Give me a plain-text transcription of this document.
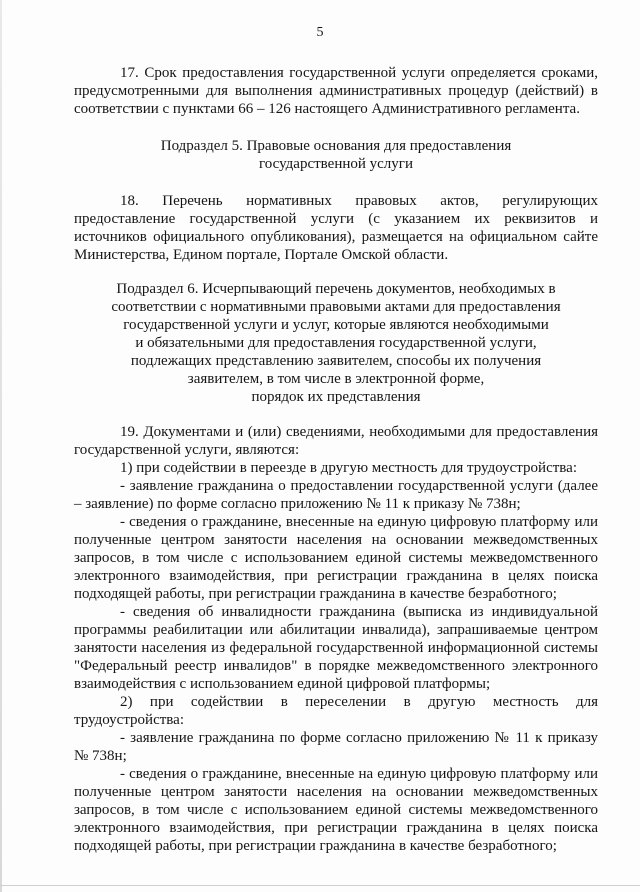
5

17. Срок предоставления государственной услуги определяется сроками, предусмотренными для выполнения административных процедур (действий) в соответствии с пунктами 66 – 126 настоящего Административного регламента.

Подраздел 5. Правовые основания для предоставления

государственной услуги

18. Перечень нормативных правовых актов, регулирующих предоставление государственной услуги (с указанием их реквизитов и источников официального опубликования), размещается на официальном сайте Министерства, Едином портале, Портале Омской области.

Подраздел 6. Исчерпывающий перечень документов, необходимых в

соответствии с нормативными правовыми актами для предоставления

государственной услуги и услуг, которые являются необходимыми

и обязательными для предоставления государственной услуги,

подлежащих представлению заявителем, способы их получения

заявителем, в том числе в электронной форме,

порядок их представления

19. Документами и (или) сведениями, необходимыми для предоставления государственной услуги, являются:

1) при содействии в переезде в другую местность для трудоустройства:

- заявление гражданина о предоставлении государственной услуги (далее – заявление) по форме согласно приложению № 11 к приказу № 738н;

- сведения о гражданине, внесенные на единую цифровую платформу или полученные центром занятости населения на основании межведомственных запросов, в том числе с использованием единой системы межведомственного электронного взаимодействия, при регистрации гражданина в целях поиска подходящей работы, при регистрации гражданина в качестве безработного;

- сведения об инвалидности гражданина (выписка из индивидуальной программы реабилитации или абилитации инвалида), запрашиваемые центром занятости населения из федеральной государственной информационной системы "Федеральный реестр инвалидов" в порядке межведомственного электронного взаимодействия с использованием единой цифровой платформы;

2) при содействии в переселении в другую местность для трудоустройства:

- заявление гражданина по форме согласно приложению № 11 к приказу № 738н;

- сведения о гражданине, внесенные на единую цифровую платформу или полученные центром занятости населения на основании межведомственных запросов, в том числе с использованием единой системы межведомственного электронного взаимодействия, при регистрации гражданина в целях поиска подходящей работы, при регистрации гражданина в качестве безработного;
